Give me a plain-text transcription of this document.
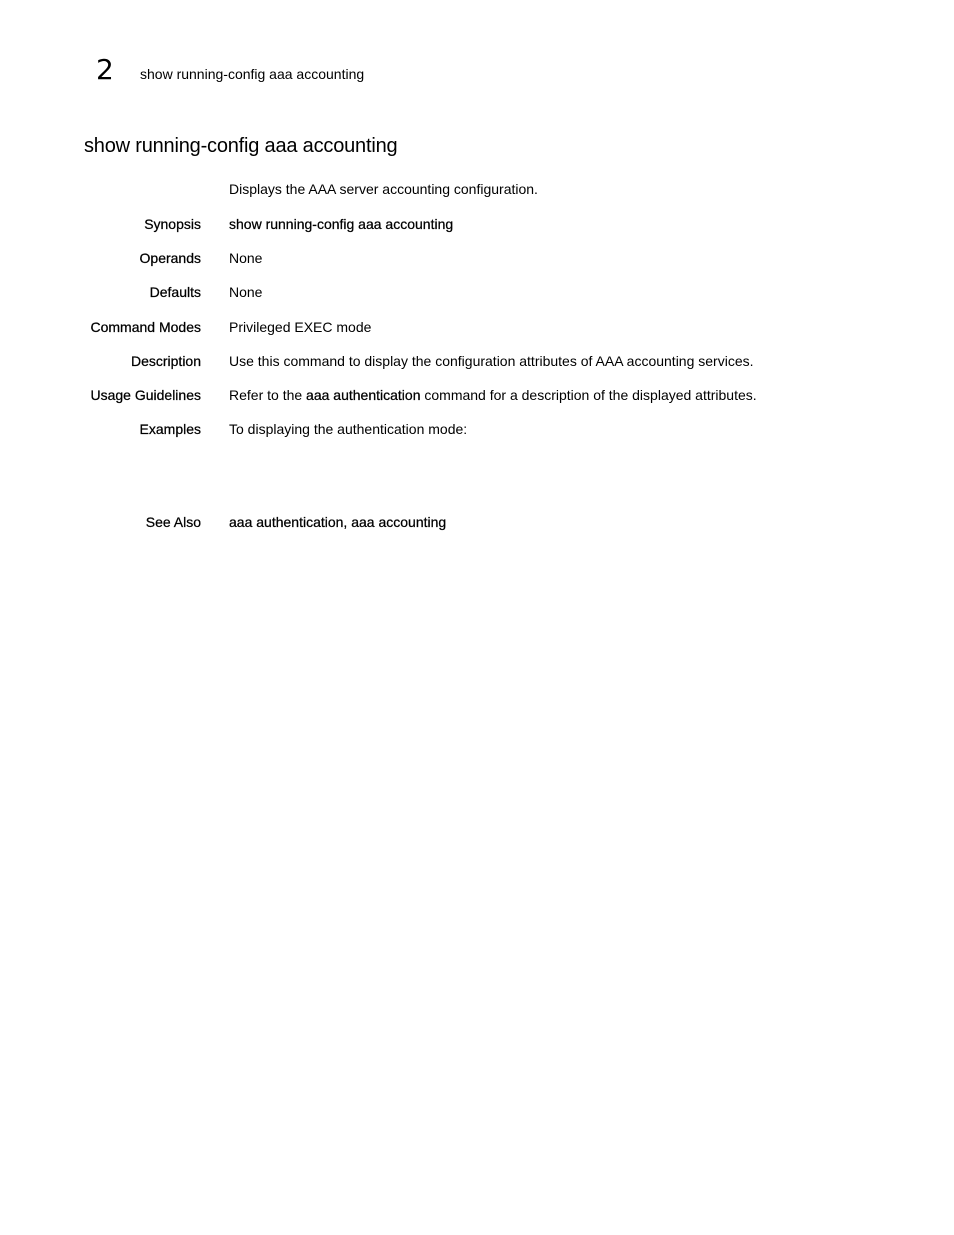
2 show running-config aaa accounting
show running-config aaa accounting
Displays the AAA server accounting configuration.
Synopsis show running-config aaa accounting
Operands None
Defaults None
Command Modes Privileged EXEC mode
Description Use this command to display the configuration attributes of AAA accounting services.
Usage Guidelines Refer to the aaa authentication command for a description of the displayed attributes.
Examples To displaying the authentication mode:
See Also aaa authentication, aaa accounting
